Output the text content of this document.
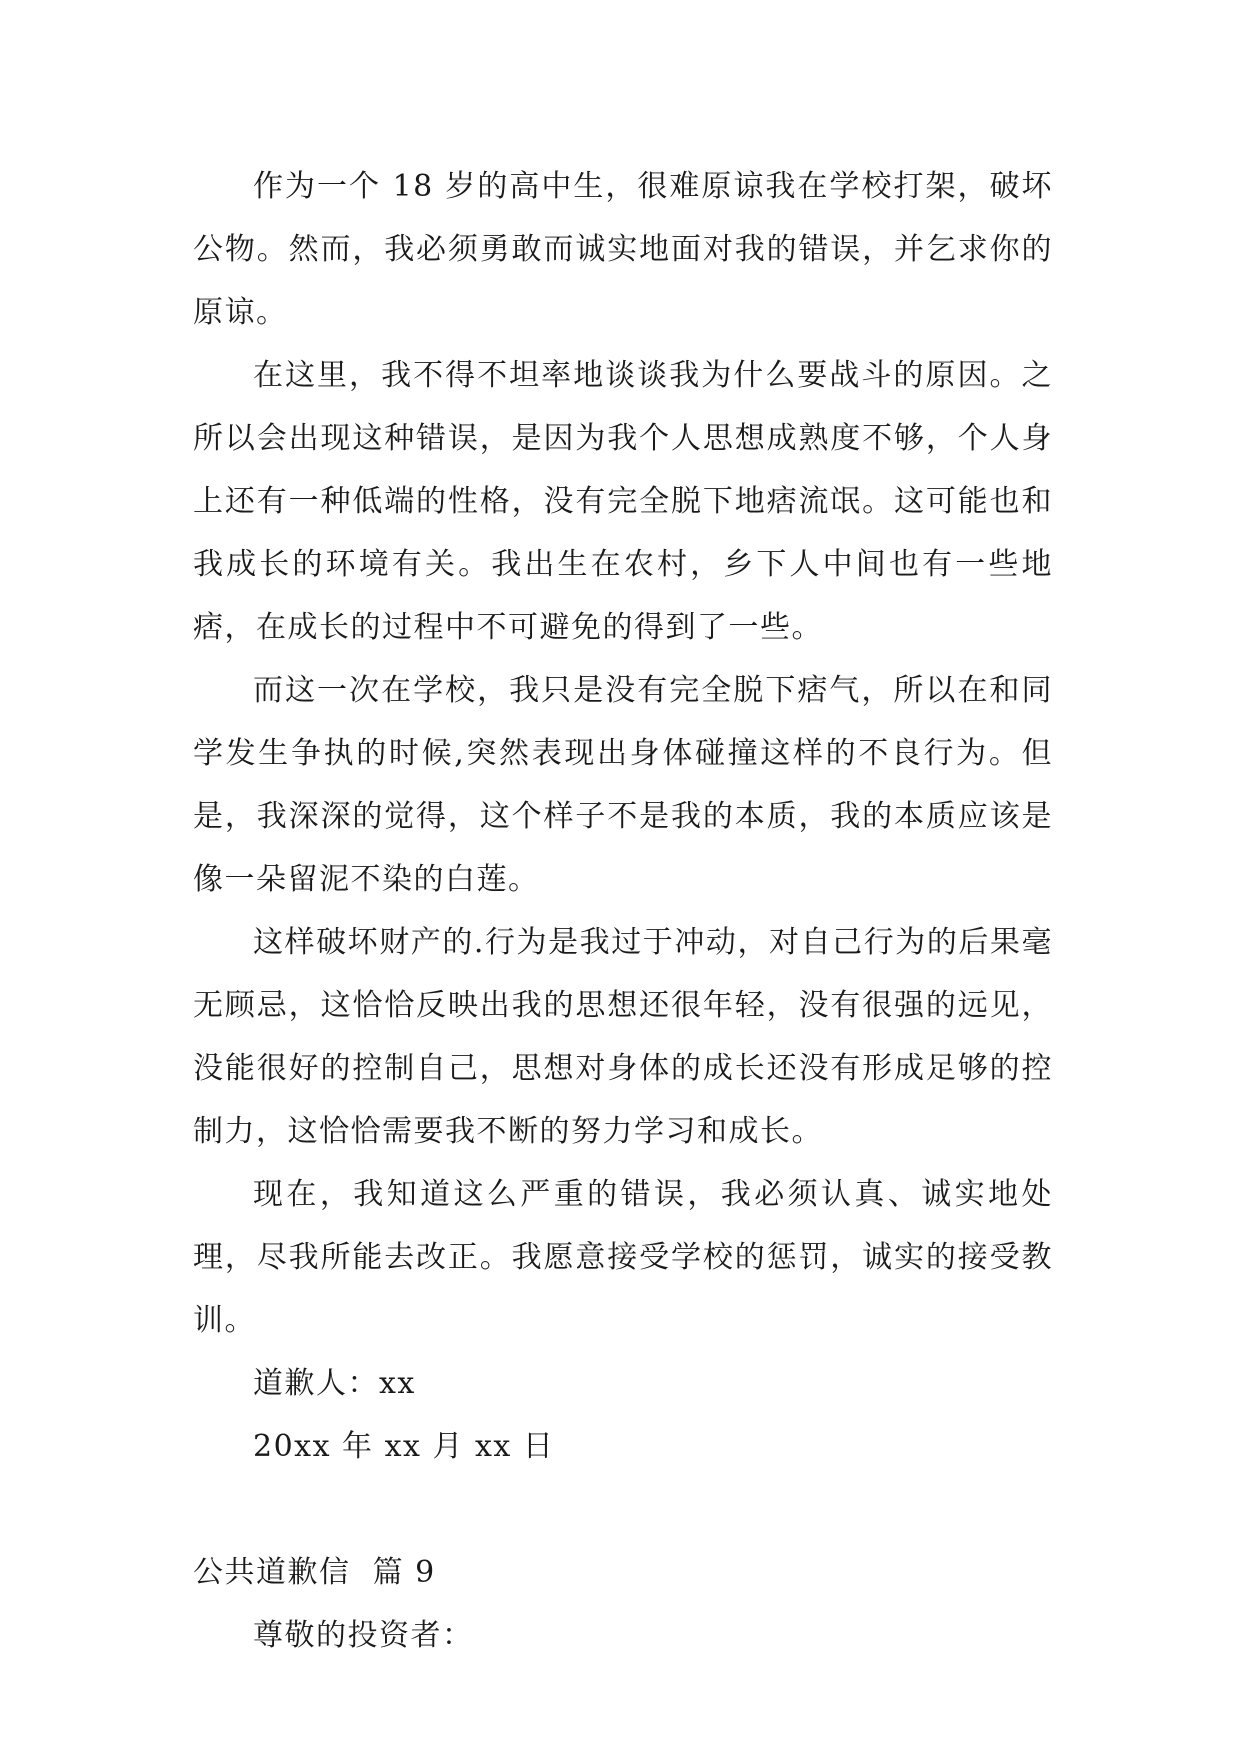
作为一个 18 岁的高中生，很难原谅我在学校打架，破坏公物。然而，我必须勇敢而诚实地面对我的错误，并乞求你的原谅。

在这里，我不得不坦率地谈谈我为什么要战斗的原因。之所以会出现这种错误，是因为我个人思想成熟度不够，个人身上还有一种低端的性格，没有完全脱下地痞流氓。这可能也和我成长的环境有关。我出生在农村，乡下人中间也有一些地痞，在成长的过程中不可避免的得到了一些。

而这一次在学校，我只是没有完全脱下痞气，所以在和同学发生争执的时候,突然表现出身体碰撞这样的不良行为。但是，我深深的觉得，这个样子不是我的本质，我的本质应该是像一朵留泥不染的白莲。

这样破坏财产的.行为是我过于冲动，对自己行为的后果毫无顾忌，这恰恰反映出我的思想还很年轻，没有很强的远见，没能很好的控制自己，思想对身体的成长还没有形成足够的控制力，这恰恰需要我不断的努力学习和成长。

现在，我知道这么严重的错误，我必须认真、诚实地处理，尽我所能去改正。我愿意接受学校的惩罚，诚实的接受教训。

道歉人：xx

20xx 年 xx 月 xx 日

公共道歉信  篇 9

尊敬的投资者：
